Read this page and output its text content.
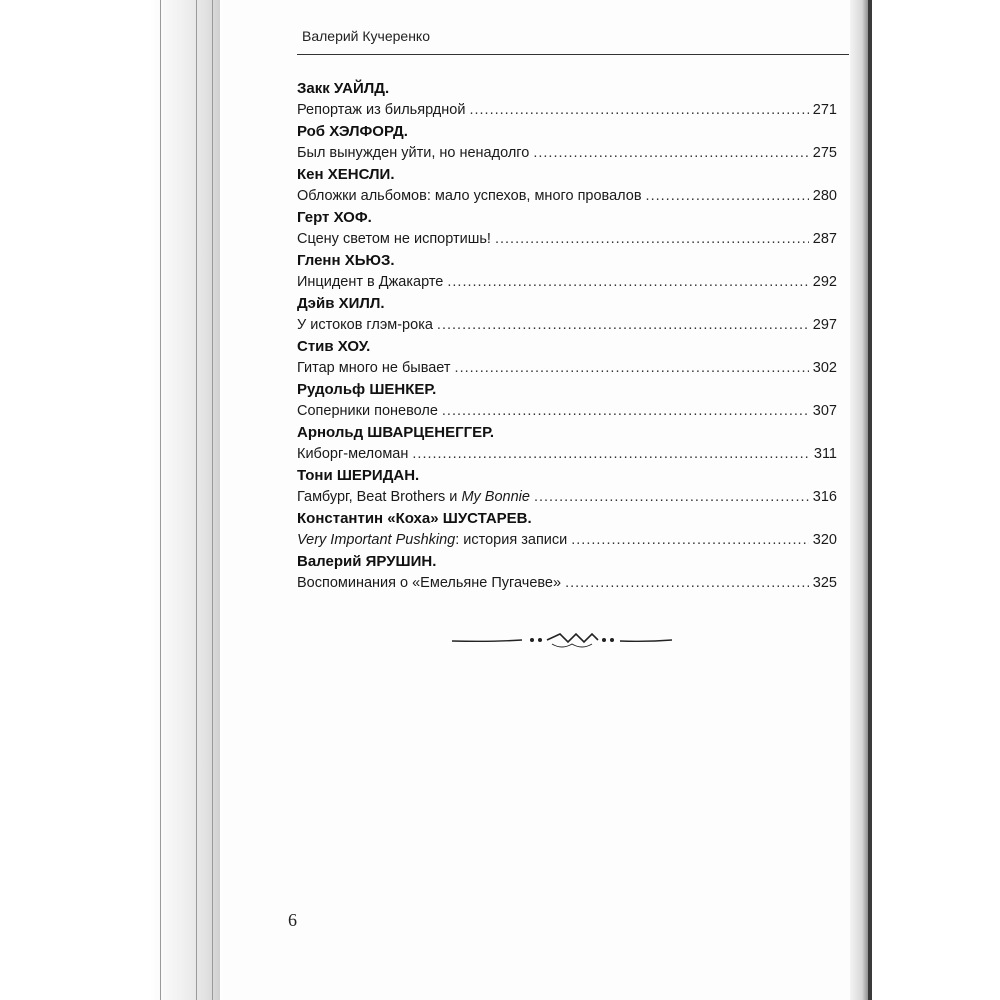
Валерий Кучеренко
Закк УАЙЛД.
Репортаж из бильярдной .....	271
Роб ХЭЛФОРД.
Был вынужден уйти, но ненадолго .....	275
Кен ХЕНСЛИ.
Обложки альбомов: мало успехов, много провалов .....	280
Герт ХОФ.
Сцену светом не испортишь! .....	287
Гленн ХЬЮЗ.
Инцидент в Джакарте .....	292
Дэйв ХИЛЛ.
У истоков глэм-рока .....	297
Стив ХОУ.
Гитар много не бывает .....	302
Рудольф ШЕНКЕР.
Соперники поневоле .....	307
Арнольд ШВАРЦЕНЕГГЕР.
Киборг-меломан .....	311
Тони ШЕРИДАН.
Гамбург, Beat Brothers и My Bonnie .....	316
Константин «Коха» ШУСТАРЕВ.
Very Important Pushking: история записи .....	320
Валерий ЯРУШИН.
Воспоминания о «Емельяне Пугачеве» .....	325
6
